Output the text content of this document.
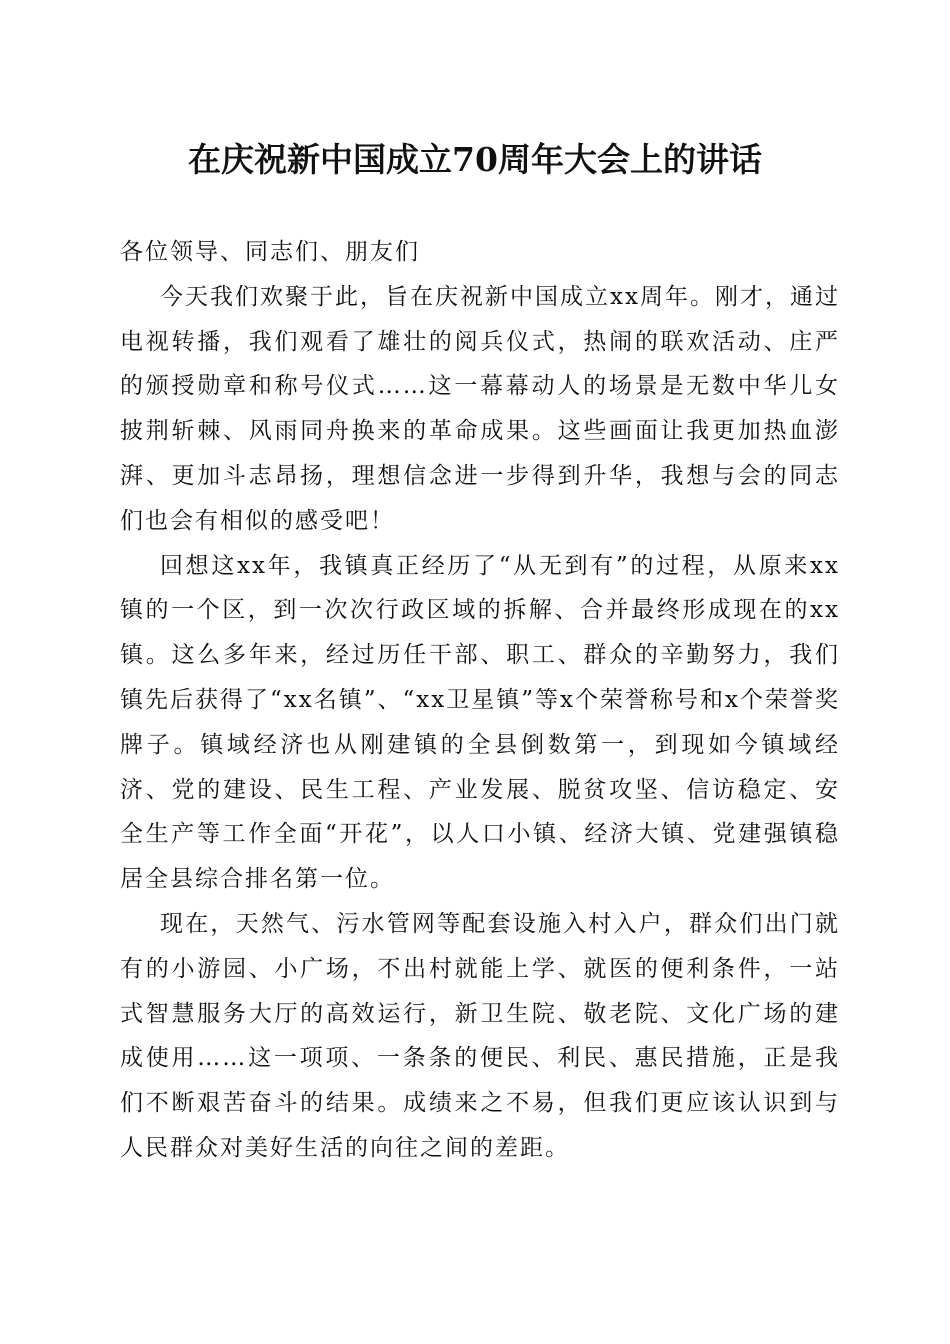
在庆祝新中国成立70周年大会上的讲话

各位领导、同志们、朋友们

今天我们欢聚于此，旨在庆祝新中国成立xx周年。刚才，通过电视转播，我们观看了雄壮的阅兵仪式，热闹的联欢活动、庄严的颁授勋章和称号仪式……这一幕幕动人的场景是无数中华儿女披荆斩棘、风雨同舟换来的革命成果。这些画面让我更加热血澎湃、更加斗志昂扬，理想信念进一步得到升华，我想与会的同志们也会有相似的感受吧！

回想这xx年，我镇真正经历了“从无到有”的过程，从原来xx镇的一个区，到一次次行政区域的拆解、合并最终形成现在的xx镇。这么多年来，经过历任干部、职工、群众的辛勤努力，我们镇先后获得了“xx名镇”、“xx卫星镇”等x个荣誉称号和x个荣誉奖牌子。镇域经济也从刚建镇的全县倒数第一，到现如今镇域经济、党的建设、民生工程、产业发展、脱贫攻坚、信访稳定、安全生产等工作全面“开花”，以人口小镇、经济大镇、党建强镇稳居全县综合排名第一位。

现在，天然气、污水管网等配套设施入村入户，群众们出门就有的小游园、小广场，不出村就能上学、就医的便利条件，一站式智慧服务大厅的高效运行，新卫生院、敬老院、文化广场的建成使用……这一项项、一条条的便民、利民、惠民措施，正是我们不断艰苦奋斗的结果。成绩来之不易，但我们更应该认识到与人民群众对美好生活的向往之间的差距。
